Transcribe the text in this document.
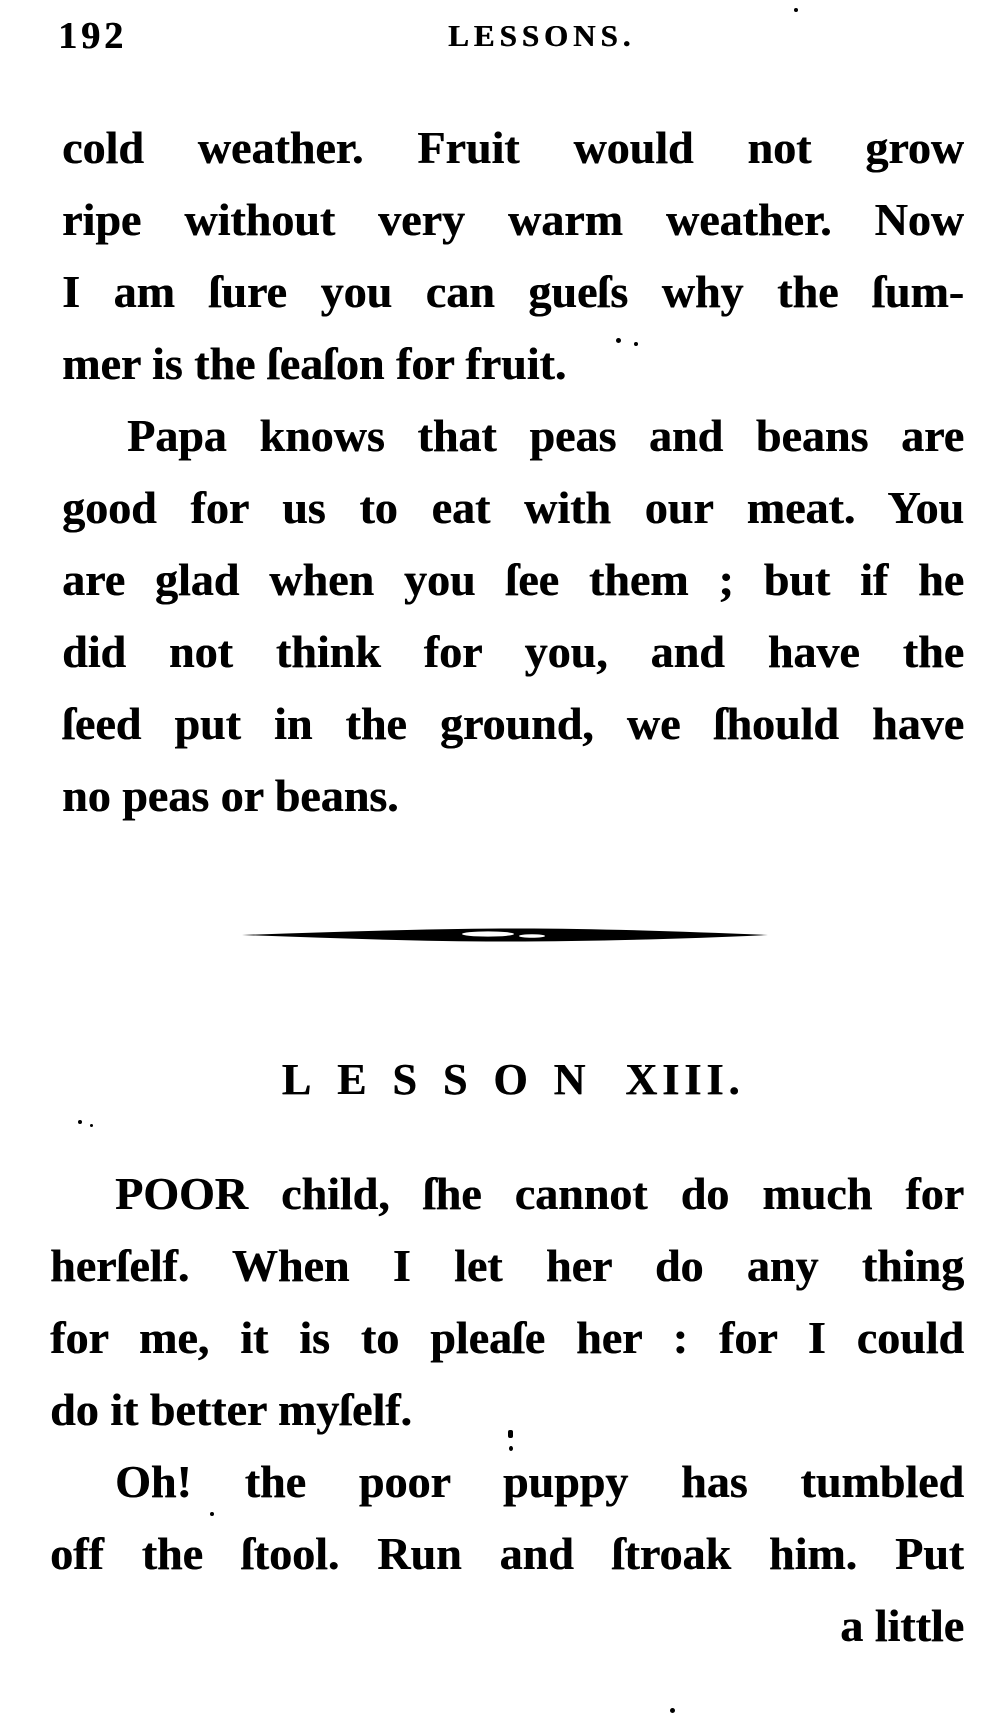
192	LESSONS.
cold weather. Fruit would not grow
ripe without very warm weather. Now
I am ſure you can gueſs why the ſum-
mer is the ſeaſon for fruit.
Papa knows that peas and beans are
good for us to eat with our meat. You
are glad when you ſee them ; but if he
did not think for you, and have the
ſeed put in the ground, we ſhould have
no peas or beans.
LESSON XIII.
POOR child, ſhe cannot do much for
herſelf. When I let her do any thing
for me, it is to pleaſe her : for I could
do it better myſelf.
Oh! the poor puppy has tumbled
off the ſtool. Run and ſtroak him. Put
a little
